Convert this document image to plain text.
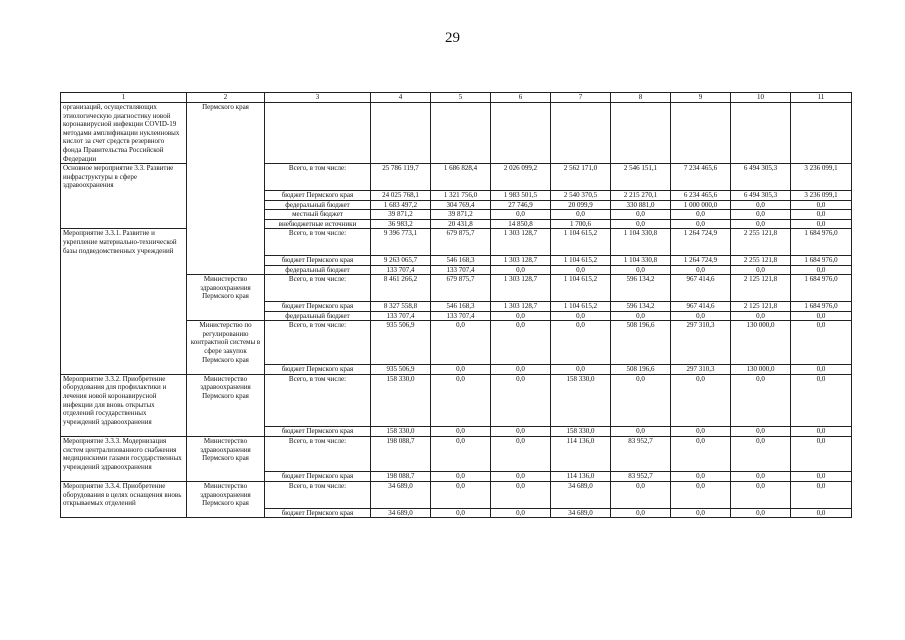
29
1	2	3	4	5	6	7	8	9	10	11
организаций, осуществляющих этиологическую диагностику новой коронавирусной инфекции COVID-19 методами амплификации нуклеиновых кислот за счет средств резервного фонда Правительства Российской Федерации	Пермского края									
Основное мероприятие 3.3. Развитие инфраструктуры в сфере здравоохранения		Всего, в том числе:	25 786 119,7	1 686 828,4	2 026 099,2	2 562 171,0	2 546 151,1	7 234 465,6	6 494 305,3	3 236 099,1
		бюджет Пермского края	24 025 768,1	1 321 756,0	1 983 501,5	2 540 370,5	2 215 270,1	6 234 465,6	6 494 305,3	3 236 099,1
		федеральный бюджет	1 683 497,2	304 769,4	27 746,9	20 099,9	330 881,0	1 000 000,0	0,0	0,0
		местный бюджет	39 871,2	39 871,2	0,0	0,0	0,0	0,0	0,0	0,0
		внебюджетные источники	36 983,2	20 431,8	14 850,8	1 700,6	0,0	0,0	0,0	0,0
Мероприятие 3.3.1. Развитие и укрепление материально-технической базы подведомственных учреждений		Всего, в том числе:	9 396 773,1	679 875,7	1 303 128,7	1 104 615,2	1 104 330,8	1 264 724,9	2 255 121,8	1 684 976,0
		бюджет Пермского края	9 263 065,7	546 168,3	1 303 128,7	1 104 615,2	1 104 330,8	1 264 724,9	2 255 121,8	1 684 976,0
		федеральный бюджет	133 707,4	133 707,4	0,0	0,0	0,0	0,0	0,0	0,0
	Министерство здравоохранения Пермского края	Всего, в том числе:	8 461 266,2	679 875,7	1 303 128,7	1 104 615,2	596 134,2	967 414,6	2 125 121,8	1 684 976,0
		бюджет Пермского края	8 327 558,8	546 168,3	1 303 128,7	1 104 615,2	596 134,2	967 414,6	2 125 121,8	1 684 976,0
		федеральный бюджет	133 707,4	133 707,4	0,0	0,0	0,0	0,0	0,0	0,0
	Министерство по регулированию контрактной системы в сфере закупок Пермского края	Всего, в том числе:	935 506,9	0,0	0,0	0,0	508 196,6	297 310,3	130 000,0	0,0
		бюджет Пермского края	935 506,9	0,0	0,0	0,0	508 196,6	297 310,3	130 000,0	0,0
Мероприятие 3.3.2. Приобретение оборудования для профилактики и лечения новой коронавирусной инфекции для вновь открытых отделений государственных учреждений здравоохранения	Министерство здравоохранения Пермского края	Всего, в том числе:	158 330,0	0,0	0,0	158 330,0	0,0	0,0	0,0	0,0
		бюджет Пермского края	158 330,0	0,0	0,0	158 330,0	0,0	0,0	0,0	0,0
Мероприятие 3.3.3. Модернизация систем централизованного снабжения медицинскими газами государственных учреждений здравоохранения	Министерство здравоохранения Пермского края	Всего, в том числе:	198 088,7	0,0	0,0	114 136,0	83 952,7	0,0	0,0	0,0
		бюджет Пермского края	198 088,7	0,0	0,0	114 136,0	83 952,7	0,0	0,0	0,0
Мероприятие 3.3.4. Приобретение оборудования в целях оснащения вновь открываемых отделений	Министерство здравоохранения Пермского края	Всего, в том числе:	34 689,0	0,0	0,0	34 689,0	0,0	0,0	0,0	0,0
		бюджет Пермского края	34 689,0	0,0	0,0	34 689,0	0,0	0,0	0,0	0,0
